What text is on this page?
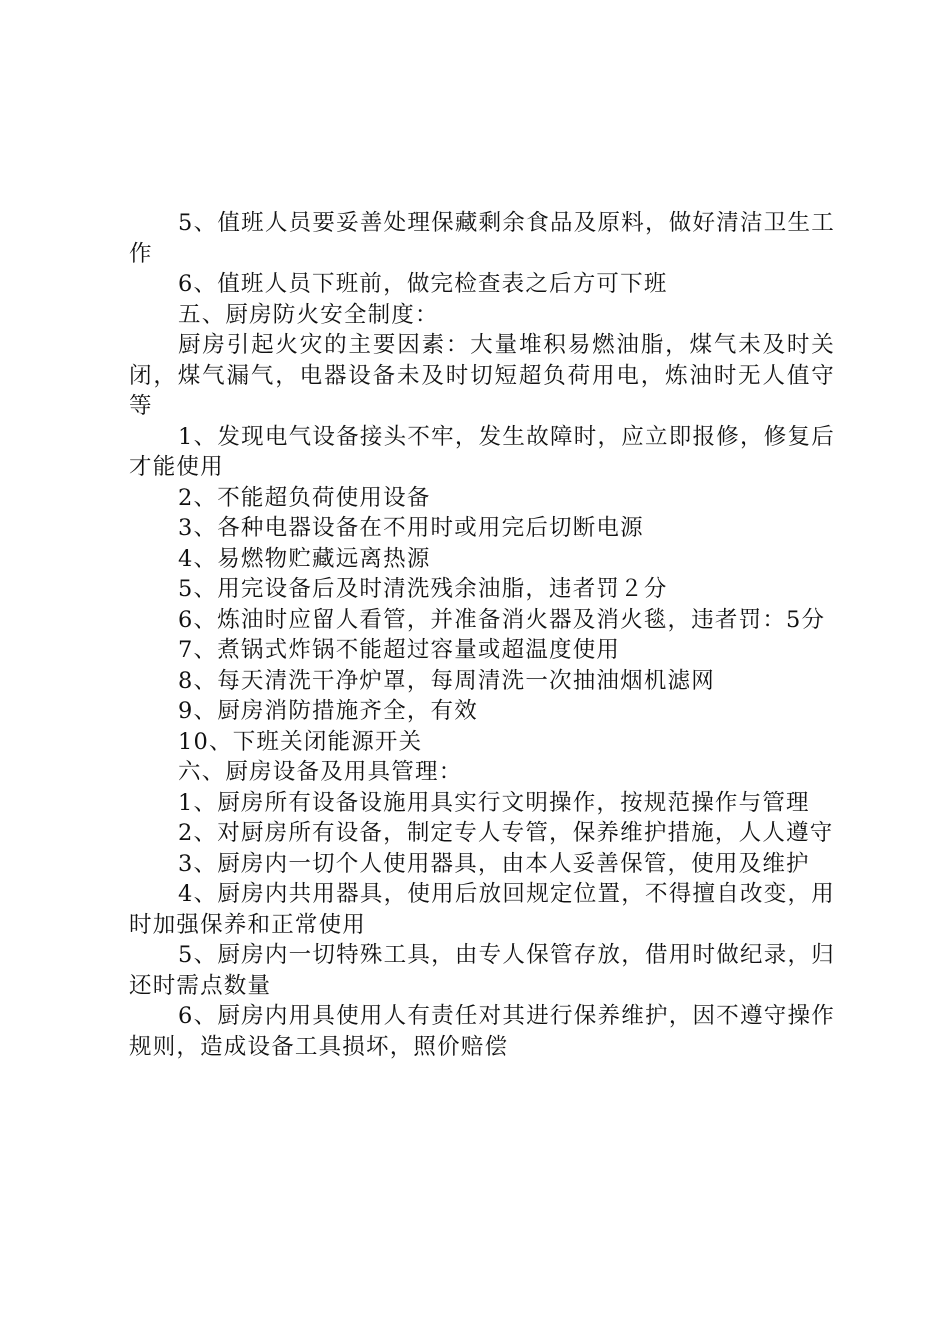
5、值班人员要妥善处理保藏剩余食品及原料，做好清洁卫生工作

6、值班人员下班前，做完检查表之后方可下班

五、厨房防火安全制度：

厨房引起火灾的主要因素：大量堆积易燃油脂，煤气未及时关闭，煤气漏气，电器设备未及时切短超负荷用电，炼油时无人值守等

1、发现电气设备接头不牢，发生故障时，应立即报修，修复后才能使用

2、不能超负荷使用设备

3、各种电器设备在不用时或用完后切断电源

4、易燃物贮藏远离热源

5、用完设备后及时清洗残余油脂，违者罚２分

6、炼油时应留人看管，并准备消火器及消火毯，违者罚：5分

7、煮锅式炸锅不能超过容量或超温度使用

8、每天清洗干净炉罩，每周清洗一次抽油烟机滤网

9、厨房消防措施齐全，有效

10、下班关闭能源开关

六、厨房设备及用具管理：

1、厨房所有设备设施用具实行文明操作，按规范操作与管理

2、对厨房所有设备，制定专人专管，保养维护措施，人人遵守

3、厨房内一切个人使用器具，由本人妥善保管，使用及维护

4、厨房内共用器具，使用后放回规定位置，不得擅自改变，用时加强保养和正常使用

5、厨房内一切特殊工具，由专人保管存放，借用时做纪录，归还时需点数量

6、厨房内用具使用人有责任对其进行保养维护，因不遵守操作规则，造成设备工具损坏，照价赔偿
